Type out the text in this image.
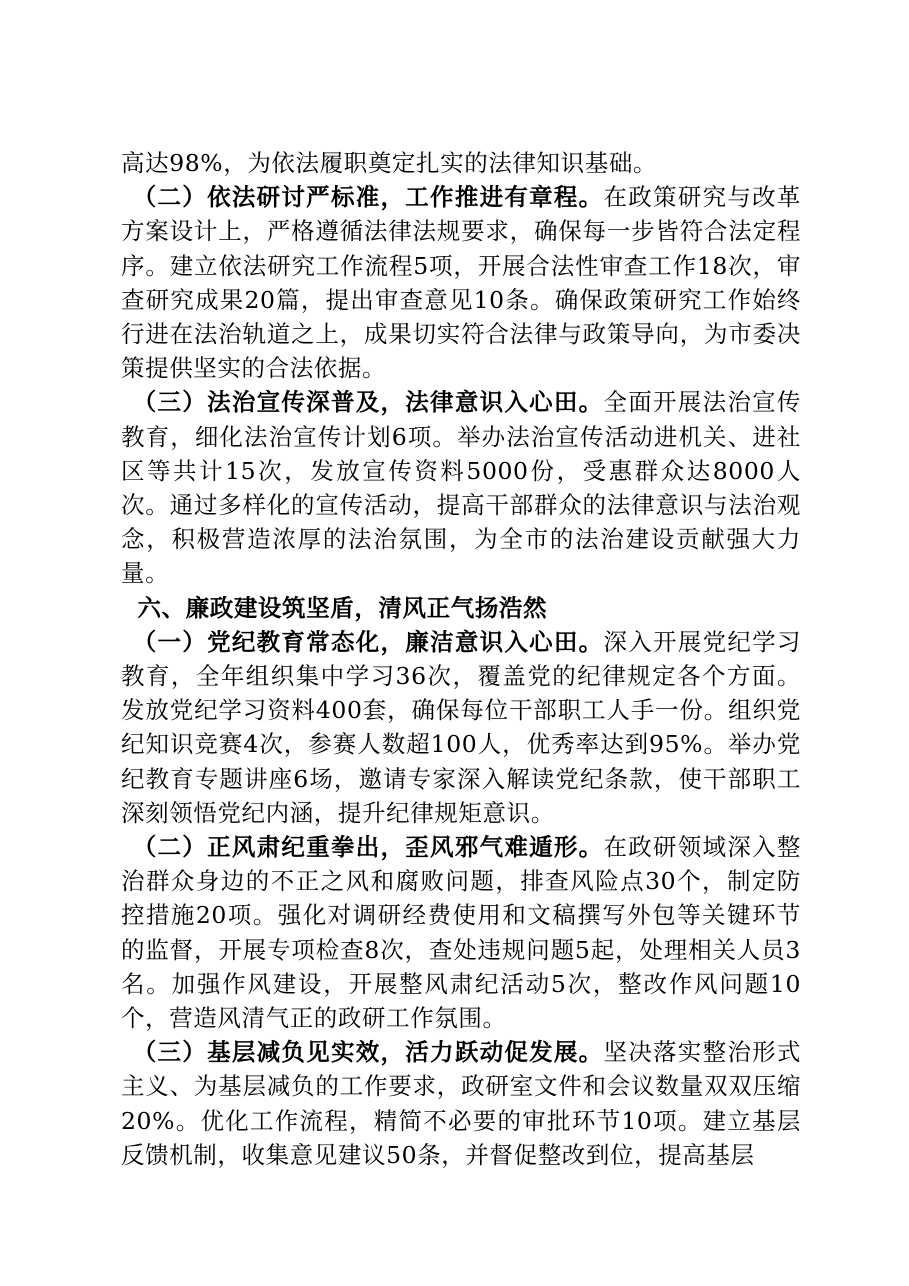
高达98%，为依法履职奠定扎实的法律知识基础。

（二）依法研讨严标准，工作推进有章程。在政策研究与改革方案设计上，严格遵循法律法规要求，确保每一步皆符合法定程序。建立依法研究工作流程5项，开展合法性审查工作18次，审查研究成果20篇，提出审查意见10条。确保政策研究工作始终行进在法治轨道之上，成果切实符合法律与政策导向，为市委决策提供坚实的合法依据。

（三）法治宣传深普及，法律意识入心田。全面开展法治宣传教育，细化法治宣传计划6项。举办法治宣传活动进机关、进社区等共计15次，发放宣传资料5000份，受惠群众达8000人次。通过多样化的宣传活动，提高干部群众的法律意识与法治观念，积极营造浓厚的法治氛围，为全市的法治建设贡献强大力量。

六、廉政建设筑坚盾，清风正气扬浩然

（一）党纪教育常态化，廉洁意识入心田。深入开展党纪学习教育，全年组织集中学习36次，覆盖党的纪律规定各个方面。发放党纪学习资料400套，确保每位干部职工人手一份。组织党纪知识竞赛4次，参赛人数超100人，优秀率达到95%。举办党纪教育专题讲座6场，邀请专家深入解读党纪条款，使干部职工深刻领悟党纪内涵，提升纪律规矩意识。

（二）正风肃纪重拳出，歪风邪气难遁形。在政研领域深入整治群众身边的不正之风和腐败问题，排查风险点30个，制定防控措施20项。强化对调研经费使用和文稿撰写外包等关键环节的监督，开展专项检查8次，查处违规问题5起，处理相关人员3名。加强作风建设，开展整风肃纪活动5次，整改作风问题10个，营造风清气正的政研工作氛围。

（三）基层减负见实效，活力跃动促发展。坚决落实整治形式主义、为基层减负的工作要求，政研室文件和会议数量双双压缩20%。优化工作流程，精简不必要的审批环节10项。建立基层反馈机制，收集意见建议50条，并督促整改到位，提高基层
